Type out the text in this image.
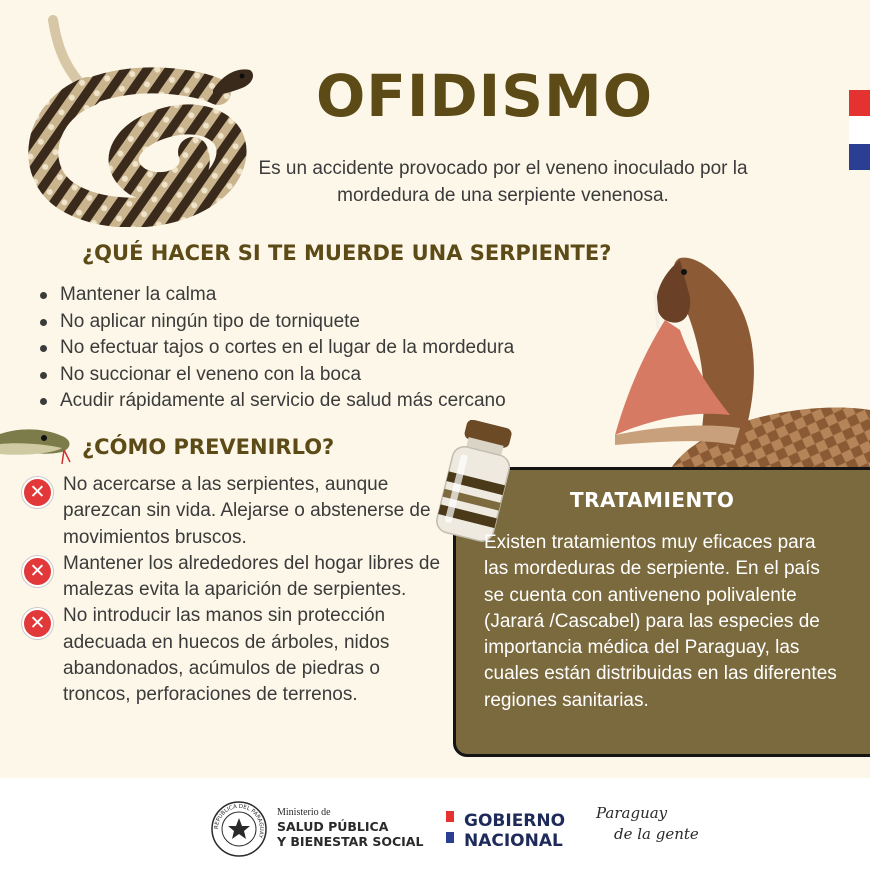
OFIDISMO

Es un accidente provocado por el veneno inoculado por la mordedura de una serpiente venenosa.

¿QUÉ HACER SI TE MUERDE UNA SERPIENTE?
Mantener la calma
No aplicar ningún tipo de torniquete
No efectuar tajos o cortes en el lugar de la mordedura
No succionar el veneno con la boca
Acudir rápidamente al servicio de salud más cercano
¿CÓMO PREVENIRLO?
✕ No acercarse a las serpientes, aunque parezcan sin vida. Alejarse o abstenerse de movimientos bruscos.
✕ Mantener los alrededores del hogar libres de malezas evita la aparición de serpientes.
✕ No introducir las manos sin protección adecuada en huecos de árboles, nidos abandonados, acúmulos de piedras o troncos, perforaciones de terrenos.
TRATAMIENTO

Existen tratamientos muy eficaces para las mordeduras de serpiente. En el país se cuenta con antiveneno polivalente (Jarará /Cascabel) para las especies de importancia médica del Paraguay, las cuales están distribuidas en las diferentes regiones sanitarias.

REPÚBLICA DEL PARAGUAY
Ministerio de
SALUD PÚBLICA
Y BIENESTAR SOCIAL
GOBIERNO
NACIONAL
Paraguay
de la gente
